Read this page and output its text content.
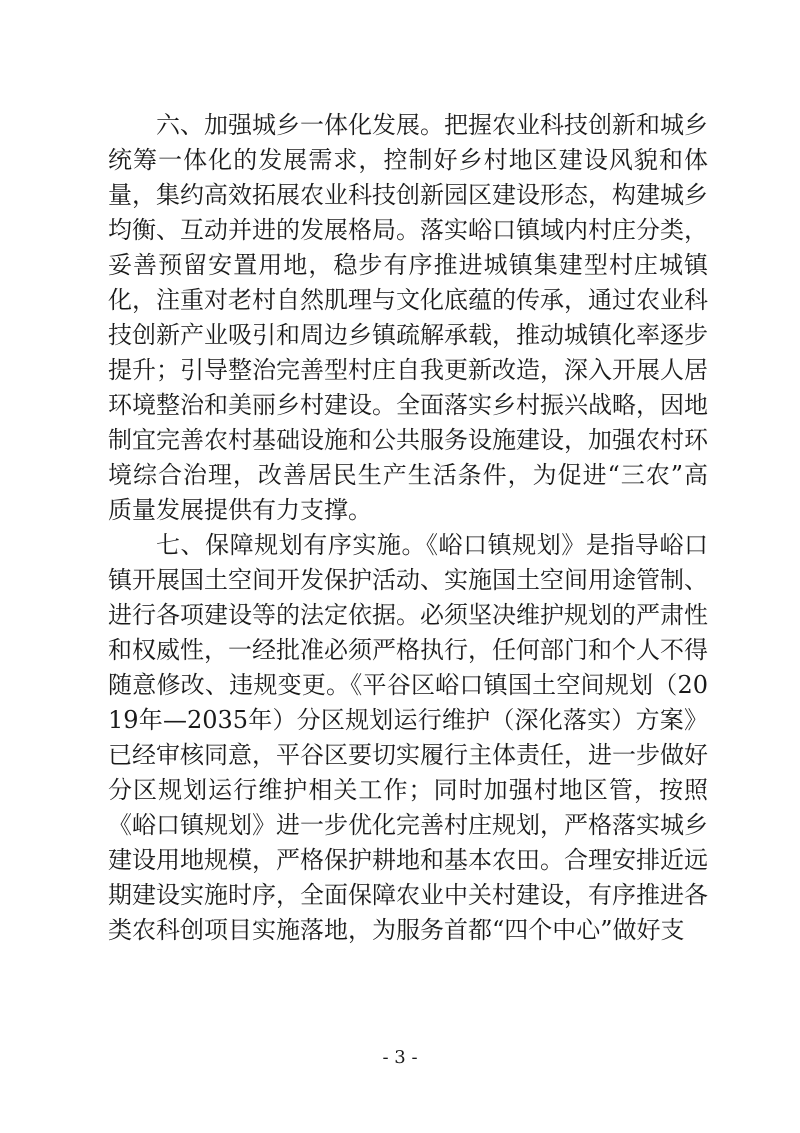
六、加强城乡一体化发展。把握农业科技创新和城乡统筹一体化的发展需求，控制好乡村地区建设风貌和体量，集约高效拓展农业科技创新园区建设形态，构建城乡均衡、互动并进的发展格局。落实峪口镇域内村庄分类，妥善预留安置用地，稳步有序推进城镇集建型村庄城镇化，注重对老村自然肌理与文化底蕴的传承，通过农业科技创新产业吸引和周边乡镇疏解承载，推动城镇化率逐步提升；引导整治完善型村庄自我更新改造，深入开展人居环境整治和美丽乡村建设。全面落实乡村振兴战略，因地制宜完善农村基础设施和公共服务设施建设，加强农村环境综合治理，改善居民生产生活条件，为促进“三农”高质量发展提供有力支撑。

七、保障规划有序实施。《峪口镇规划》是指导峪口镇开展国土空间开发保护活动、实施国土空间用途管制、进行各项建设等的法定依据。必须坚决维护规划的严肃性和权威性，一经批准必须严格执行，任何部门和个人不得随意修改、违规变更。《平谷区峪口镇国土空间规划（2019年—2035年）分区规划运行维护（深化落实）方案》已经审核同意，平谷区要切实履行主体责任，进一步做好分区规划运行维护相关工作；同时加强村地区管，按照《峪口镇规划》进一步优化完善村庄规划，严格落实城乡建设用地规模，严格保护耕地和基本农田。合理安排近远期建设实施时序，全面保障农业中关村建设，有序推进各类农科创项目实施落地，为服务首都“四个中心”做好支

- 3 -
